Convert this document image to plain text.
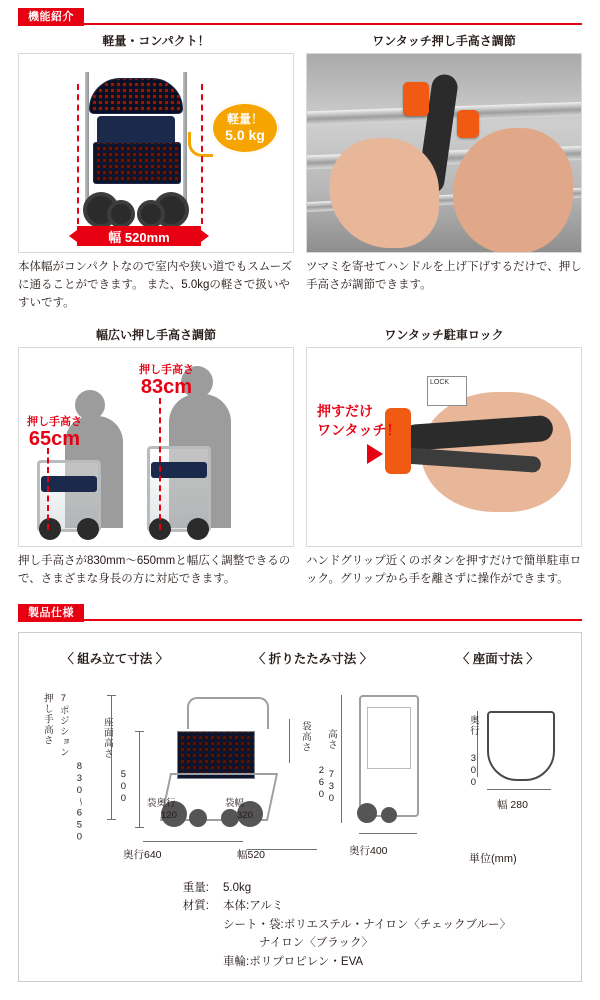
機能紹介
軽量・コンパクト！
軽量！
5.0 kg
幅 520mm
本体幅がコンパクトなので室内や狭い道でもスムーズに通ることができます。 また、5.0kgの軽さで扱いやすいです。
ワンタッチ押し手高さ調節
ツマミを寄せてハンドルを上げ下げするだけで、押し手高さが調節できます。
幅広い押し手高さ調節
押し手高さ
65cm
押し手高さ
83cm
押し手高さが830mm〜650mmと幅広く調整できるので、さまざまな身長の方に対応できます。
ワンタッチ駐車ロック
LOCK
押すだけ
ワンタッチ！
ハンドグリップ近くのボタンを押すだけで簡単駐車ロック。グリップから手を離さずに操作ができます。
製品仕様
〈 組み立て寸法 〉	〈 折りたたみ寸法 〉	〈 座面寸法 〉
押し手高さ 7ポジション
830〜650
座面高さ
500
袋高さ
260
袋奥行
120
袋幅
320
奥行640	幅520
高さ
730
奥行400
奥行
300
幅 280
単位(mm)
重量:	5.0kg
材質:	本体:アルミ
シート・袋:ポリエステル・ナイロン〈チェックブルー〉
ナイロン〈ブラック〉
車輪:ポリプロピレン・EVA
